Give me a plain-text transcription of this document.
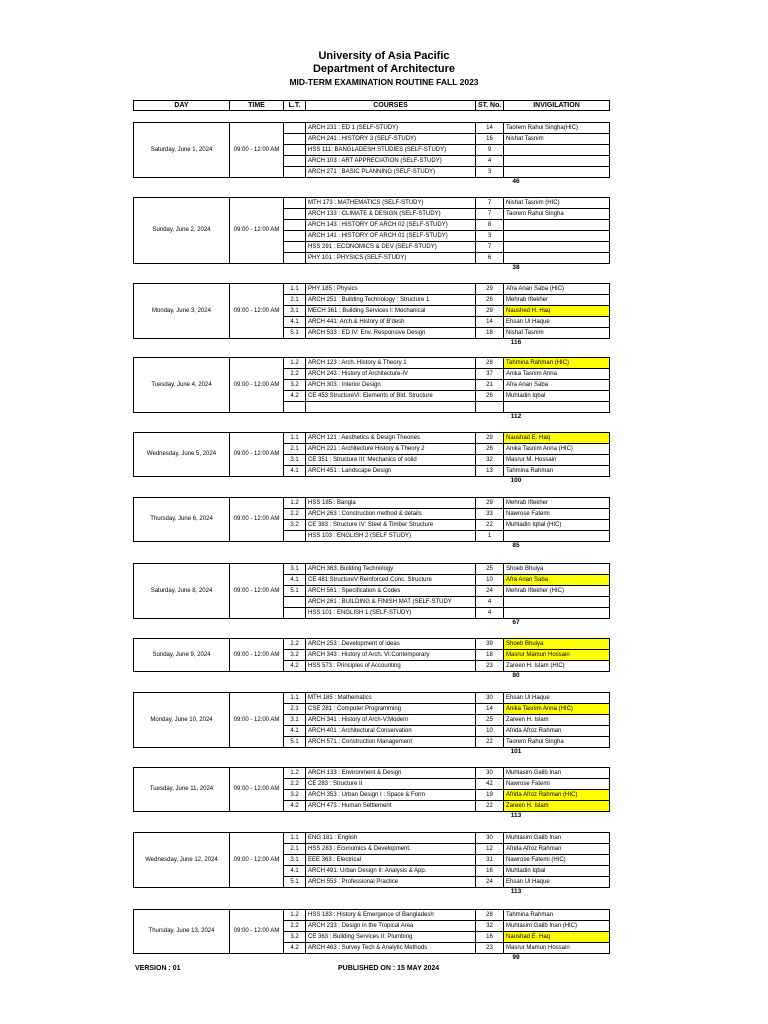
University of Asia Pacific
Department of Architecture
MID-TERM EXAMINATION ROUTINE FALL 2023
DAY	TIME	L.T.	COURSES	ST. No.	INVIGILATION
Saturday, June 1, 2024	09:00 - 12:00 AM		ARCH 231 : ED 1 (SELF-STUDY)	14	Taorem Rahul Singha(HIC)
			ARCH 241 : HISTORY 3 (SELF-STUDY)	16	Nishat Tasnim
			HSS 111: BANGLADESH STUDIES (SELF-STUDY)	9	
			ARCH 103 : ART APPRECIATION (SELF-STUDY)	4	
			ARCH 271 : BASIC PLANNING (SELF-STUDY)	3	
46
Sunday, June 2, 2024	09:00 - 12:00 AM		MTH 173 : MATHEMATICS (SELF-STUDY)	7	Nishat Tasnim (HIC)
			ARCH 133 : CLIMATE & DESIGN (SELF-STUDY)	7	Taorem Rahul Singha
			ARCH 143 : HISTORY OF ARCH 02 (SELF-STUDY)	8	
			ARCH 141 : HISTORY OF ARCH 01 (SELF-STUDY)	3	
			HSS 291 : ECONOMICS & DEV (SELF-STUDY)	7	
			PHY 101 : PHYSICS (SELF-STUDY)	6	
38
Monday, June 3, 2024	09:00 - 12:00 AM	1.1	PHY 185 : Physics	29	Afra Anan Saba (HIC)
		2.1	ARCH 251 : Building Technology : Structure 1	26	Mehrab Iftekher
		3.1	MECH 361 : Building Services I: Mechanical	29	Naushed H. Haq
		4.1	ARCH 441: Arch.& History of B'desh	14	Ehsan Ul Haque
		5.1	ARCH 533 : ED IV: Env. Responsive Design	18	Nishat Tasnim
116
Tuesday, June 4, 2024	09:00 - 12:00 AM	1.2	ARCH 123 : Arch. History & Theory 1	28	Tahmina Rahman (HIC)
		2.2	ARCH 243 : History of Architecture-IV	37	Anika Tasnim Anna
		3.2	ARCH 303 : Interior Design	21	Afra Anan Saba
		4.2	CE 453:StructureVI: Elements of Bld. Structure	26	Muhtadin Iqbal

112
Wednesday, June 5, 2024	09:00 - 12:00 AM	1.1	ARCH 121 : Aesthetics & Design Theories	29	Naushad E. Haq
		2.1	ARCH 221 : Architecture History & Theory 2	26	Anika Tasnim Anna (HIC)
		3.1	CE 351 : Structure III: Mechanics of solid	32	Masrur M. Hossain
		4.1	ARCH 451 : Landscape Design	13	Tahmina Rahman
100
Thursday, June 6, 2024	09:00 - 12:00 AM	1.2	HSS 185 : Bangla	29	Mehrab Iftekher
		2.2	ARCH 263 : Construction method & details	33	Nawrose Fatemi
		3.2	CE 383 : Structure IV: Steel & Timber Structure	22	Muhtadin Iqbal (HIC)
			HSS 103 : ENGLISH 2 (SELF STUDY)	1	
85
Saturday, June 8, 2024	09:00 - 12:00 AM	3.1	ARCH 363: Building Technology	25	Shoeb Bhuiya
		4.1	CE 481:StructureV:Reinforced Conc. Structure	10	Afra Anan Saba
		5.1	ARCH 561 : Specification & Codes	24	Mehrab Iftekher (HIC)
			ARCH 261 : BUILDING & FINISH MAT (SELF-STUDY	4	
			HSS 101 : ENGLISH 1 (SELF-STUDY)	4	
67
Sunday, June 9, 2024	09:00 - 12:00 AM	2.2	ARCH 253 : Development of ideas	39	Shoeb Bhuiya
		3.2	ARCH 343 : History of Arch. VI:Contemporary	18	Masrur Mamun Hossain
		4.2	HSS 573 : Principles of Accounting	23	Zareen H. Islam (HIC)
80
Monday, June 10, 2024	09:00 - 12:00 AM	1.1	MTH 185 : Mathematics	30	Ehsan Ul Haque
		2.1	CSE 281 : Computer Programming	14	Anika Tasnim Anna (HIC)
		3.1	ARCH 341 : History of Arch-V:Modern	25	Zareen H. Islam
		4.1	ARCH 401 : Architectural Conservation	10	Afrida Afroz Rahman
		5.1	ARCH 571 : Construction Management	22	Taorem Rahul Singha
101
Tuesday, June 11, 2024	09:00 - 12:00 AM	1.2	ARCH 133 : Environment & Design	30	Muhtasim Galib Inan
		2.2	CE 283 : Structure II	42	Nawrose Fatemi
		3.2	ARCH 353 : Urban Design I : Space & Form	19	Afrida Afroz Rahman (HIC)
		4.2	ARCH 473 : Human Settlement	22	Zareen H. Islam
113
Wednesday, June 12, 2024	09:00 - 12:00 AM	1.1	ENG 181 : English	30	Muhtasim Galib Inan
		2.1	HSS 283 : Economics & Development.	12	Afrida Afroz Rahman
		3.1	EEE 363 : Electrical	31	Nawrose Fatemi (HIC)
		4.1	ARCH 491: Urban Design II: Analysis & App.	16	Muhtadin Iqbal
		5.1	ARCH 553 : Professional Practice	24	Ehsan Ul Haque
113
Thursday, June 13, 2024	09:00 - 12:00 AM	1.2	HSS 183 : History & Emergence of Bangladesh	28	Tahmina Rahman
		2.2	ARCH 233 : Design in the Tropical Area	32	Muhtasim Galib Inan (HIC)
		3.2	CE 363 : Building Services II: Plumbing	16	Naushad E. Haq
		4.2	ARCH 463 : Survey Tech & Analytic Methods	23	Masrur Mamun Hossain
99
VERSION : 01	PUBLISHED ON : 15 MAY 2024
